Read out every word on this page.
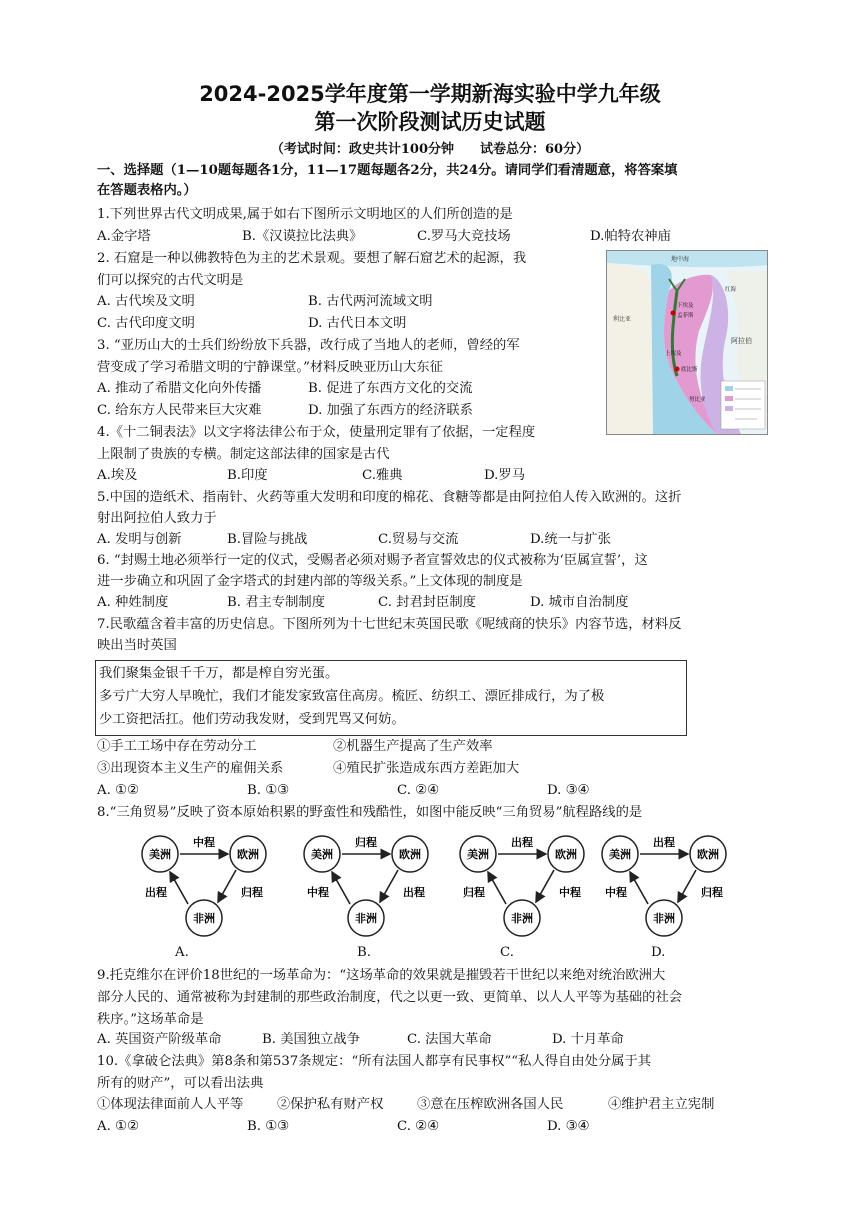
2024-2025学年度第一学期新海实验中学九年级
第一次阶段测试历史试题
（考试时间：政史共计100分钟　　试卷总分：60分）
一、选择题（1—10题每题各1分，11—17题每题各2分，共24分。请同学们看清题意，将答案填
在答题表格内。）
1.下列世界古代文明成果,属于如右下图所示文明地区的人们所创造的是
A.金字塔	B.《汉谟拉比法典》	C.罗马大竞技场	D.帕特农神庙
地中海
利比亚
阿拉伯
下埃及
孟菲斯
上埃及
底比斯
努比亚
红海
2. 石窟是一种以佛教特色为主的艺术景观。要想了解石窟艺术的起源，我
们可以探究的古代文明是
A. 古代埃及文明	B. 古代两河流域文明
C. 古代印度文明	D. 古代日本文明
3. “亚历山大的士兵们纷纷放下兵器，改行成了当地人的老师，曾经的军
营变成了学习希腊文明的宁静课堂。”材料反映亚历山大东征
A. 推动了希腊文化向外传播	B. 促进了东西方文化的交流
C. 给东方人民带来巨大灾难	D. 加强了东西方的经济联系
4.《十二铜表法》以文字将法律公布于众，使量刑定罪有了依据，一定程度
上限制了贵族的专横。制定这部法律的国家是古代
A.埃及	B.印度	C.雅典	D.罗马
5.中国的造纸术、指南针、火药等重大发明和印度的棉花、食糖等都是由阿拉伯人传入欧洲的。这折
射出阿拉伯人致力于
A. 发明与创新	B.冒险与挑战	C.贸易与交流	D.统一与扩张
6. “封赐土地必须举行一定的仪式，受赐者必须对赐予者宣誓效忠的仪式被称为‘臣属宣誓’，这
进一步确立和巩固了金字塔式的封建内部的等级关系。”上文体现的制度是
A. 种姓制度	B. 君主专制制度	C. 封君封臣制度	D. 城市自治制度
7.民歌蕴含着丰富的历史信息。下图所列为十七世纪末英国民歌《呢绒商的快乐》内容节选，材料反
映出当时英国
我们聚集金银千千万，都是榨自穷光蛋。
多亏广大穷人早晚忙，我们才能发家致富住高房。梳匠、纺织工、漂匠排成行，为了极
少工资把活扛。他们劳动我发财，受到咒骂又何妨。
①手工工场中存在劳动分工	②机器生产提高了生产效率
③出现资本主义生产的雇佣关系	④殖民扩张造成东西方差距加大
A. ①②	B. ①③	C. ②④	D. ③④
8.“三角贸易”反映了资本原始积累的野蛮性和残酷性，如图中能反映“三角贸易”航程路线的是
美洲	欧洲
非洲
中程
归程
出程
美洲	欧洲
非洲
归程
出程
中程
美洲	欧洲
非洲
出程
中程
归程
美洲	欧洲
非洲
出程
归程
中程
A.	B.	C.	D.
9.托克维尔在评价18世纪的一场革命为：“这场革命的效果就是摧毁若干世纪以来绝对统治欧洲大
部分人民的、通常被称为封建制的那些政治制度，代之以更一致、更简单、以人人平等为基础的社会
秩序。”这场革命是
A. 英国资产阶级革命	B. 美国独立战争	C. 法国大革命	D. 十月革命
10.《拿破仑法典》第8条和第537条规定：“所有法国人都享有民事权”“私人得自由处分属于其
所有的财产”，可以看出法典
①体现法律面前人人平等	②保护私有财产权	③意在压榨欧洲各国人民	④维护君主立宪制
A. ①②	B. ①③	C. ②④	D. ③④
